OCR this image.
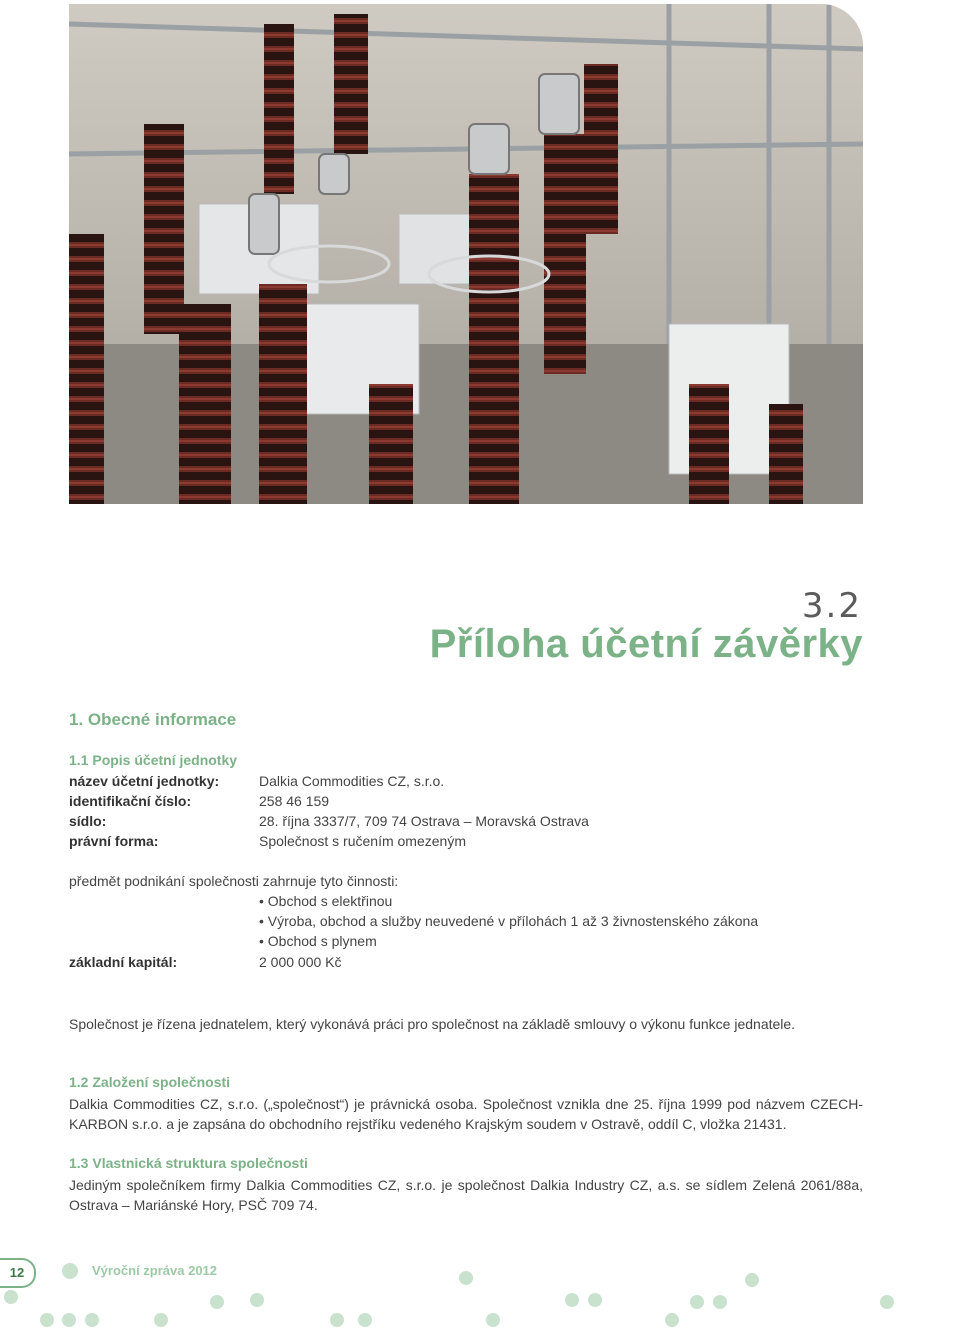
3.2
Příloha účetní závěrky
1. Obecné informace
1.1 Popis účetní jednotky
název účetní jednotky:	Dalkia Commodities CZ, s.r.o.
identifikační číslo:	258 46 159
sídlo:	28. října 3337/7, 709 74 Ostrava – Moravská Ostrava
právní forma:	Společnost s ručením omezeným
předmět podnikání společnosti zahrnuje tyto činnosti:
• Obchod s elektřinou
• Výroba, obchod a služby neuvedené v přílohách 1 až 3 živnostenského zákona
• Obchod s plynem
základní kapitál:	2 000 000 Kč
Společnost je řízena jednatelem, který vykonává práci pro společnost na základě smlouvy o výkonu funkce jednatele.
1.2 Založení společnosti
Dalkia Commodities CZ, s.r.o. („společnost“) je právnická osoba. Společnost vznikla dne 25. října 1999 pod názvem CZECH- KARBON s.r.o. a je zapsána do obchodního rejstříku vedeného Krajským soudem v Ostravě, oddíl C, vložka 21431.
1.3 Vlastnická struktura společnosti
Jediným společníkem firmy Dalkia Commodities CZ, s.r.o. je společnost Dalkia Industry CZ, a.s. se sídlem Zelená 2061/88a, Ostrava – Mariánské Hory, PSČ 709 74.
12	Výroční zpráva 2012
